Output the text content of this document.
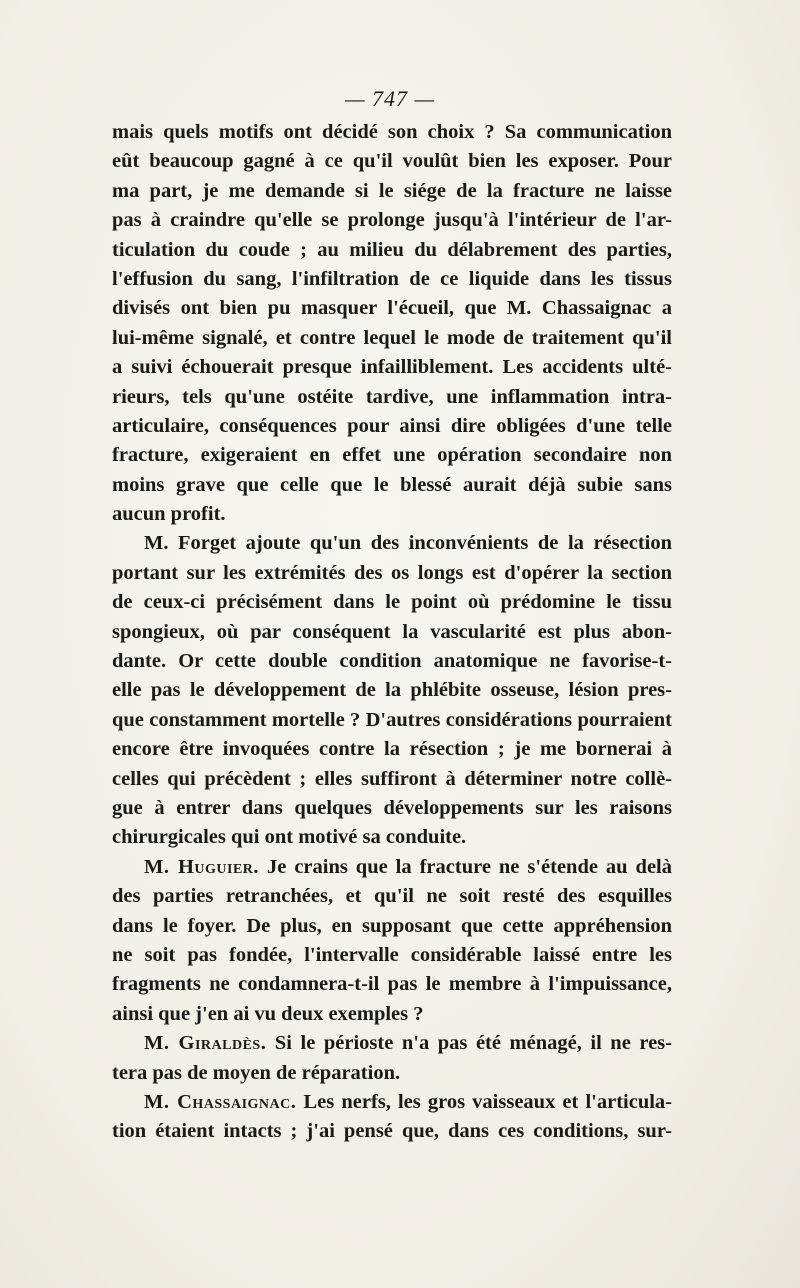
— 747 —
mais quels motifs ont décidé son choix ? Sa communication
eût beaucoup gagné à ce qu'il voulût bien les exposer. Pour
ma part, je me demande si le siége de la fracture ne laisse
pas à craindre qu'elle se prolonge jusqu'à l'intérieur de l'ar-
ticulation du coude ; au milieu du délabrement des parties,
l'effusion du sang, l'infiltration de ce liquide dans les tissus
divisés ont bien pu masquer l'écueil, que M. Chassaignac a
lui-même signalé, et contre lequel le mode de traitement qu'il
a suivi échouerait presque infailliblement. Les accidents ulté-
rieurs, tels qu'une ostéite tardive, une inflammation intra-
articulaire, conséquences pour ainsi dire obligées d'une telle
fracture, exigeraient en effet une opération secondaire non
moins grave que celle que le blessé aurait déjà subie sans
aucun profit.
M. Forget ajoute qu'un des inconvénients de la résection
portant sur les extrémités des os longs est d'opérer la section
de ceux-ci précisément dans le point où prédomine le tissu
spongieux, où par conséquent la vascularité est plus abon-
dante. Or cette double condition anatomique ne favorise-t-
elle pas le développement de la phlébite osseuse, lésion pres-
que constamment mortelle ? D'autres considérations pourraient
encore être invoquées contre la résection ; je me bornerai à
celles qui précèdent ; elles suffiront à déterminer notre collè-
gue à entrer dans quelques développements sur les raisons
chirurgicales qui ont motivé sa conduite.
M. Huguier. Je crains que la fracture ne s'étende au delà
des parties retranchées, et qu'il ne soit resté des esquilles
dans le foyer. De plus, en supposant que cette appréhension
ne soit pas fondée, l'intervalle considérable laissé entre les
fragments ne condamnera-t-il pas le membre à l'impuissance,
ainsi que j'en ai vu deux exemples ?
M. Giraldès. Si le périoste n'a pas été ménagé, il ne res-
tera pas de moyen de réparation.
M. Chassaignac. Les nerfs, les gros vaisseaux et l'articula-
tion étaient intacts ; j'ai pensé que, dans ces conditions, sur-
